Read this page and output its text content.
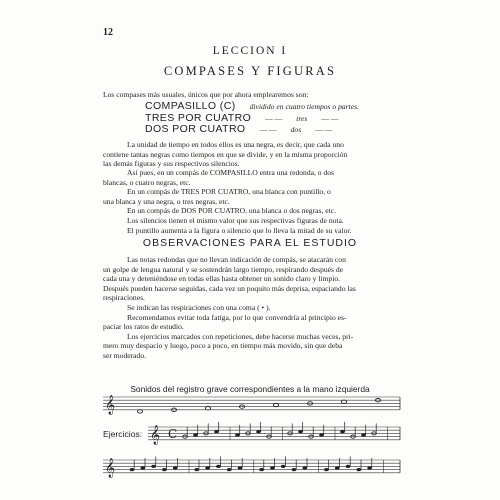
12
LECCION I
COMPASES Y FIGURAS
Los compases más usuales, únicos que por ahora emplearemos son:
COMPASILLO (C) dividido en cuatro tiempos o partes.
TRES POR CUATRO — — tres — —
DOS POR CUATRO — — dos — —
La unidad de tiempo en todos ellos es una negra, es decir, que cada uno
contiene tantas negras como tiempos en que se divide, y en la misma proporción
las demás figuras y sus respectivos silencios.
Así pues, en un compás de COMPASILLO entra una redonda, o dos
blancas, o cuatro negras, etc.
En un compás de TRES POR CUATRO, una blanca con puntillo, o
una blanca y una negra, o tres negras, etc.
En un compás de DOS POR CUATRO, una blanca o dos negras, etc.
Los silencios tienen el mismo valor que sus respectivas figuras de nota.
El puntillo aumenta a la figura o silencio que lo lleva la mitad de su valor.
OBSERVACIONES PARA EL ESTUDIO
Las notas redondas que no llevan indicación de compás, se atacarán con
un golpe de lengua natural y se sostendrán largo tiempo, respirando después de
cada una y deteniéndose en todas ellas hasta obtener un sonido claro y limpio.
Después pueden hacerse seguidas, cada vez un poquito más deprisa, espaciando las
respiraciones.
Se indican las respiraciones con una coma ( • ).
Recomendamos evitar toda fatiga, por lo que convendría al principio es-
paciar los ratos de estudio.
Los ejercicios marcados con repeticiones, debe hacerse muchas veces, pri-
mero muy despacio y luego, poco a poco, en tiempo más movido, sin que deba
ser moderado.
Sonidos del registro grave correspondientes a la mano izquierda
Ejercicios:
𝄞
𝄞 C
𝄞
